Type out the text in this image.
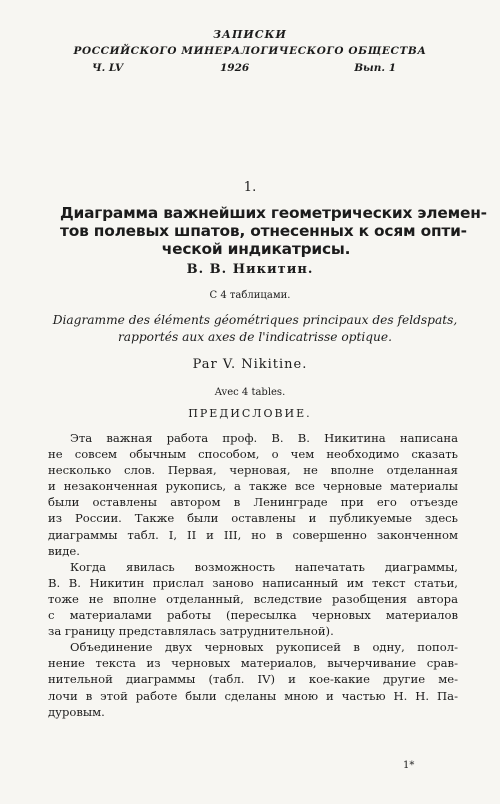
ЗАПИСКИ
РОССИЙСКОГО МИНЕРАЛОГИЧЕСКОГО ОБЩЕСТВА
Ч. LV	1926	Вып. 1
1.
Диаграмма важнейших геометрических элемен-
тов полевых шпатов, отнесенных к осям опти-
ческой индикатрисы.
В. В. Никитин.
С 4 таблицами.
Diagramme des éléments géométriques principaux des feldspats,
rapportés aux axes de l'indicatrisse optique.
Par V. Nikitine.
Avec 4 tables.
ПРЕДИСЛОВИЕ.

Эта важная работа проф. В. В. Никитина написана
не совсем обычным способом, о чем необходимо сказать
несколько слов. Первая, черновая, не вполне отделанная
и незаконченная рукопись, а также все черновые материалы
были оставлены автором в Ленинграде при его отъезде
из России. Также были оставлены и публикуемые здесь
диаграммы табл. I, II и III, но в совершенно законченном
виде.

Когда явилась возможность напечатать диаграммы,
В. В. Никитин прислал заново написанный им текст статьи,
тоже не вполне отделанный, вследствие разобщения автора
с материалами работы (пересылка черновых материалов
за границу представлялась затруднительной).

Объединение двух черновых рукописей в одну, попол-
нение текста из черновых материалов, вычерчивание срав-
нительной диаграммы (табл. IV) и кое-какие другие ме-
лочи в этой работе были сделаны мною и частью Н. Н. Па-
дуровым.

1*
